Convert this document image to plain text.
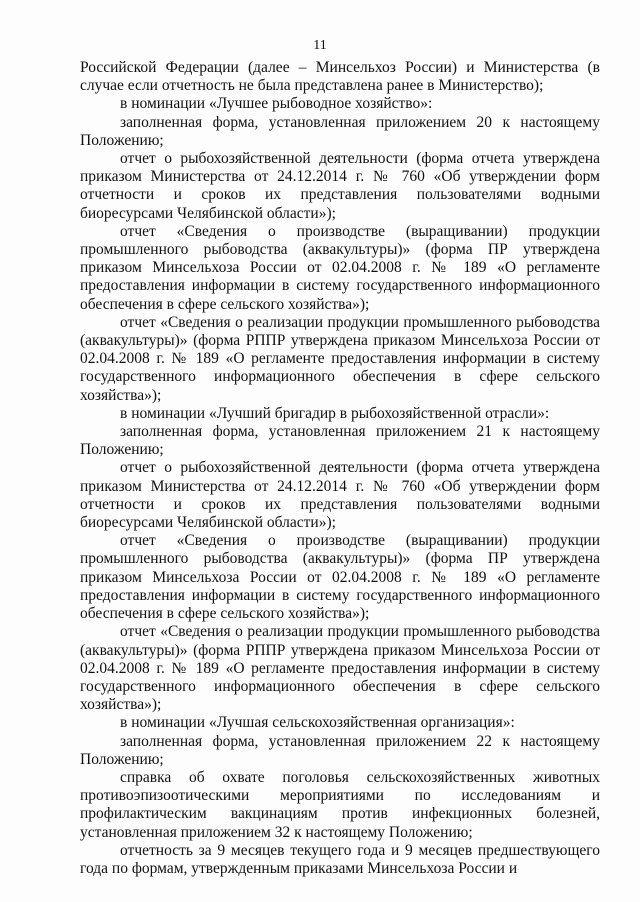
11

Российской Федерации (далее – Минсельхоз России) и Министерства (в случае если отчетность не была представлена ранее в Министерство);

в номинации «Лучшее рыбоводное хозяйство»:

заполненная форма, установленная приложением 20 к настоящему Положению;

отчет о рыбохозяйственной деятельности (форма отчета утверждена приказом Министерства от 24.12.2014 г. № 760 «Об утверждении форм отчетности и сроков их представления пользователями водными биоресурсами Челябинской области»);

отчет «Сведения о производстве (выращивании) продукции промышленного рыбоводства (аквакультуры)» (форма ПР утверждена приказом Минсельхоза России от 02.04.2008 г. № 189 «О регламенте предоставления информации в систему государственного информационного обеспечения в сфере сельского хозяйства»);

отчет «Сведения о реализации продукции промышленного рыбоводства (аквакультуры)» (форма РППР утверждена приказом Минсельхоза России от 02.04.2008 г. № 189 «О регламенте предоставления информации в систему государственного информационного обеспечения в сфере сельского хозяйства»);

в номинации «Лучший бригадир в рыбохозяйственной отрасли»:

заполненная форма, установленная приложением 21 к настоящему Положению;

отчет о рыбохозяйственной деятельности (форма отчета утверждена приказом Министерства от 24.12.2014 г. № 760 «Об утверждении форм отчетности и сроков их представления пользователями водными биоресурсами Челябинской области»);

отчет «Сведения о производстве (выращивании) продукции промышленного рыбоводства (аквакультуры)» (форма ПР утверждена приказом Минсельхоза России от 02.04.2008 г. № 189 «О регламенте предоставления информации в систему государственного информационного обеспечения в сфере сельского хозяйства»);

отчет «Сведения о реализации продукции промышленного рыбоводства (аквакультуры)» (форма РППР утверждена приказом Минсельхоза России от 02.04.2008 г. № 189 «О регламенте предоставления информации в систему государственного информационного обеспечения в сфере сельского хозяйства»);

в номинации «Лучшая сельскохозяйственная организация»:

заполненная форма, установленная приложением 22 к настоящему Положению;

справка об охвате поголовья сельскохозяйственных животных противоэпизоотическими мероприятиями по исследованиям и профилактическим вакцинациям против инфекционных болезней, установленная приложением 32 к настоящему Положению;

отчетность за 9 месяцев текущего года и 9 месяцев предшествующего года по формам, утвержденным приказами Минсельхоза России и
